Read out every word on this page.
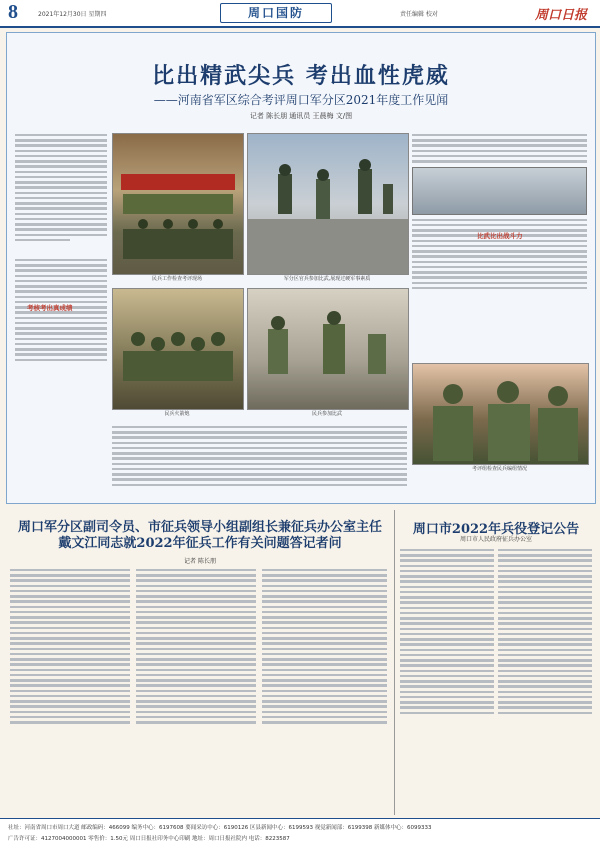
8	2021年12月30日 星期四	周口国防	责任编辑 校对	周口日报
比出精武尖兵 考出血性虎威
——河南省军区综合考评周口军分区2021年度工作见闻
记者 陈长朋 通讯员 王晨梅 文/图
考核考出真成绩
民兵工作检查考评现场	军分区官兵参加比武,展现过硬军事素质
比武比出战斗力
民兵火箭炮	民兵参加比武
考评组检查民兵编组情况
周口军分区副司令员、市征兵领导小组副组长兼征兵办公室主任
戴文江同志就2022年征兵工作有关问题答记者问
记者 陈长朋
周口市2022年兵役登记公告
周口市人民政府征兵办公室
社址：河南省周口市周口大道 邮政编码：466099 编务中心：6197608 要闻采访中心：6190126 区县新闻中心：6199593 视觉新闻部：6199398 新媒体中心：6099333
广告许可证：4127004000001 零售价：1.50元 周口日报社印务中心印刷 地址：周口日报社院内 电话：8223587
